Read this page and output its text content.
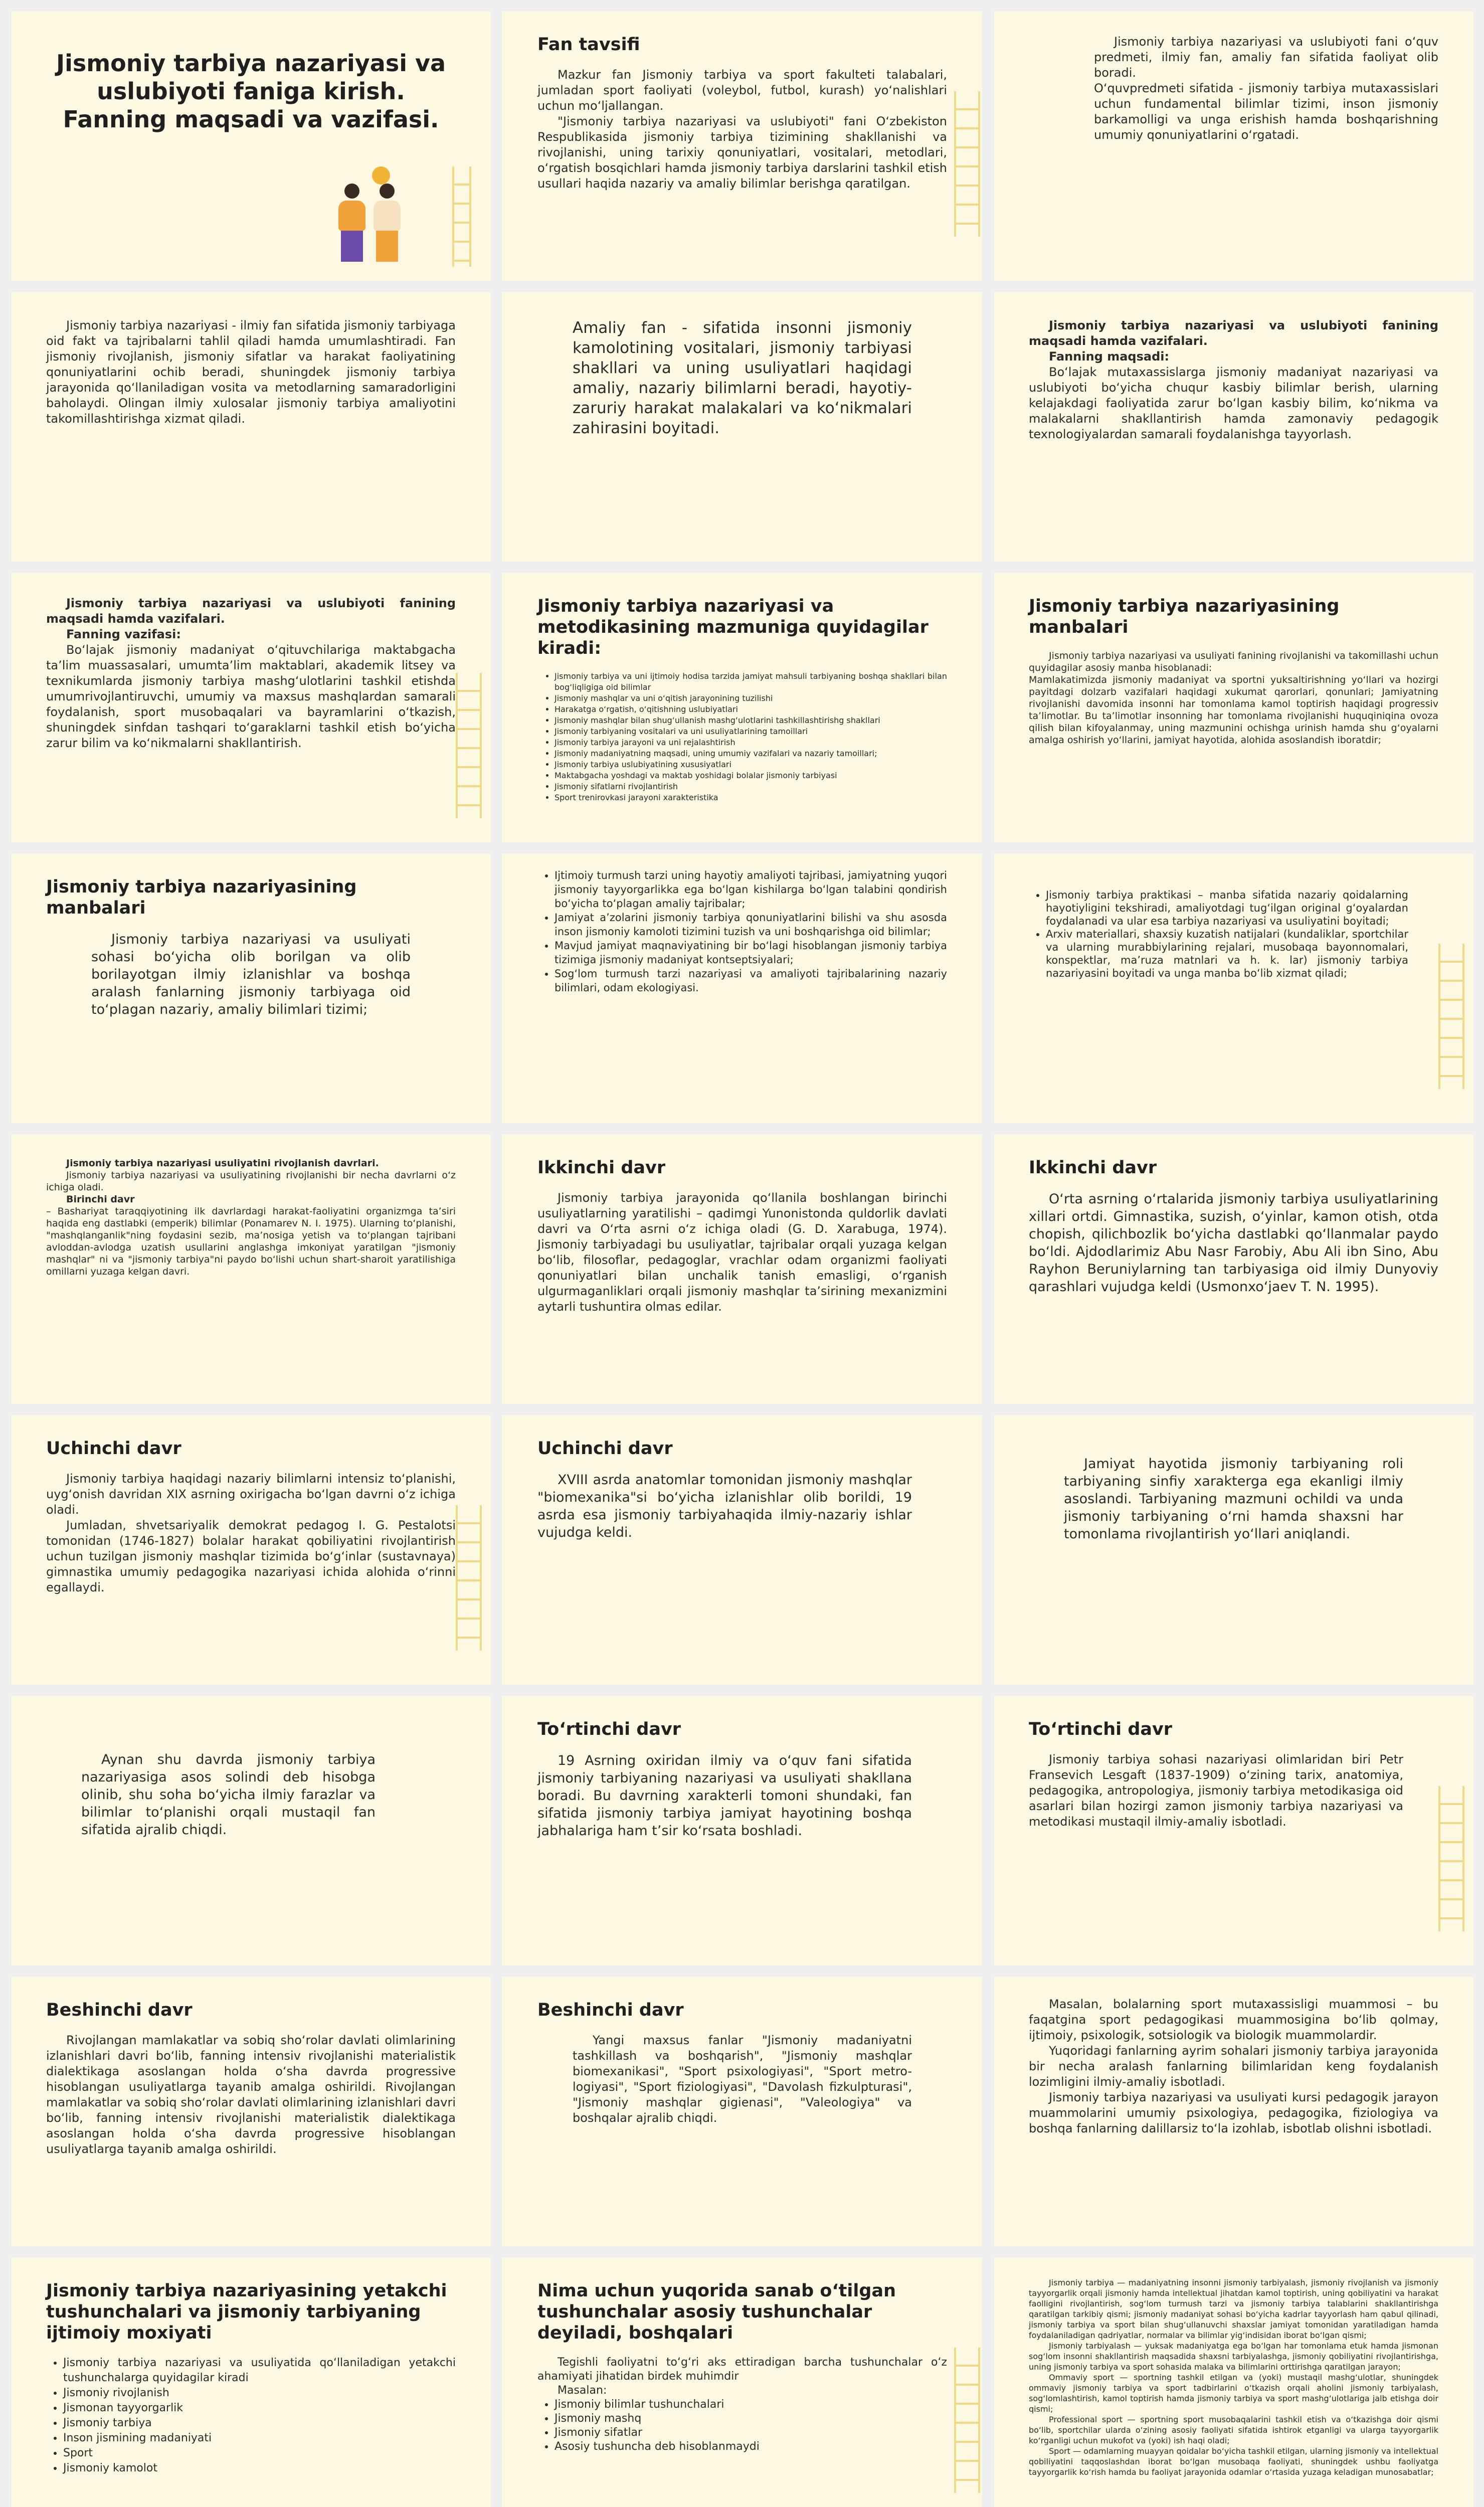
Jismoniy tarbiya nazariyasi va uslubiyoti faniga kirish. Fanning maqsadi va vazifasi.
Fan tavsifi

Mazkur fan Jismoniy tarbiya va sport fakulteti talabalari, jumladan sport faoliyati (voleybol, futbol, kurash) yo‘nalishlari uchun mo‘ljallangan.

"Jismoniy tarbiya nazariyasi va uslubiyoti" fani O‘zbekiston Respublikasida jismoniy tarbiya tizimining shakllanishi va rivojlanishi, uning tarixiy qonuniyatlari, vositalari, metodlari, o‘rgatish bosqichlari hamda jismoniy tarbiya darslarini tashkil etish usullari haqida nazariy va amaliy bilimlar berishga qaratilgan.

Jismoniy tarbiya nazariyasi va uslubiyoti fani o‘quv predmeti, ilmiy fan, amaliy fan sifatida faoliyat olib boradi.

O‘quvpredmeti sifatida - jismoniy tarbiya mutaxassislari uchun fundamental bilimlar tizimi, inson jismoniy barkamolligi va unga erishish hamda boshqarishning umumiy qonuniyatlarini o‘rgatadi.

Jismoniy tarbiya nazariyasi - ilmiy fan sifatida jismoniy tarbiyaga oid fakt va tajribalarni tahlil qiladi hamda umumlashtiradi. Fan jismoniy rivojlanish, jismoniy sifatlar va harakat faoliyatining qonuniyatlarini ochib beradi, shuningdek jismoniy tarbiya jarayonida qo‘llaniladigan vosita va metodlarning samaradorligini baholaydi. Olingan ilmiy xulosalar jismoniy tarbiya amaliyotini takomillashtirishga xizmat qiladi.

Amaliy fan - sifatida insonni jismoniy kamolotining vositalari, jismoniy tarbiyasi shakllari va uning usuliyatlari haqidagi amaliy, nazariy bilimlarni beradi, hayotiy-zaruriy harakat malakalari va ko‘nikmalari zahirasini boyitadi.

Jismoniy tarbiya nazariyasi va uslubiyoti fanining maqsadi hamda vazifalari.

Fanning maqsadi:

Bo‘lajak mutaxassislarga jismoniy madaniyat nazariyasi va uslubiyoti bo‘yicha chuqur kasbiy bilimlar berish, ularning kelajakdagi faoliyatida zarur bo‘lgan kasbiy bilim, ko‘nikma va malakalarni shakllantirish hamda zamonaviy pedagogik texnologiyalardan samarali foydalanishga tayyorlash.

Jismoniy tarbiya nazariyasi va uslubiyoti fanining maqsadi hamda vazifalari.

Fanning vazifasi:

Bo‘lajak jismoniy madaniyat o‘qituvchilariga maktabgacha ta’lim muassasalari, umumta’lim maktablari, akademik litsey va texnikumlarda jismoniy tarbiya mashg‘ulotlarini tashkil etishda umumrivojlantiruvchi, umumiy va maxsus mashqlardan samarali foydalanish, sport musobaqalari va bayramlarini o‘tkazish, shuningdek sinfdan tashqari to‘garaklarni tashkil etish bo‘yicha zarur bilim va ko‘nikmalarni shakllantirish.

Jismoniy tarbiya nazariyasi va metodikasining mazmuniga quyidagilar kiradi:
• Jismoniy tarbiya va uni ijtimoiy hodisa tarzida jamiyat mahsuli tarbiyaning boshqa shakllari bilan bog‘liqligiga oid bilimlar
• Jismoniy mashqlar va uni o‘qitish jarayonining tuzilishi
• Harakatga o‘rgatish, o‘qitishning uslubiyatlari
• Jismoniy mashqlar bilan shug‘ullanish mashg‘ulotlarini tashkillashtirishg shakllari
• Jismoniy tarbiyaning vositalari va uni usuliyatlarining tamoillari
• Jismoniy tarbiya jarayoni va uni rejalashtirish
• Jismoniy madaniyatning maqsadi, uning umumiy vazifalari va nazariy tamoillari;
• Jismoniy tarbiya uslubiyatining xususiyatlari
• Maktabgacha yoshdagi va maktab yoshidagi bolalar jismoniy tarbiyasi
• Jismoniy sifatlarni rivojlantirish
• Sport trenirovkasi jarayoni xarakteristika
Jismoniy tarbiya nazariyasining manbalari

Jismoniy tarbiya nazariyasi va usuliyati fanining rivojlanishi va takomillashi uchun quyidagilar asosiy manba hisoblanadi:

Mamlakatimizda jismoniy madaniyat va sportni yuksaltirishning yo‘llari va hozirgi payitdagi dolzarb vazifalari haqidagi xukumat qarorlari, qonunlari; Jamiyatning rivojlanishi davomida insonni har tomonlama kamol toptirish haqidagi progressiv ta’limotlar. Bu ta’limotlar insonning har tomonlama rivojlanishi huquqiniqina ovoza qilish bilan kifoyalanmay, uning mazmunini ochishga urinish hamda shu g‘oyalarni amalga oshirish yo‘llarini, jamiyat hayotida, alohida asoslandish iboratdir;

Jismoniy tarbiya nazariyasining manbalari

Jismoniy tarbiya nazariyasi va usuliyati sohasi bo‘yicha olib borilgan va olib borilayotgan ilmiy izlanishlar va boshqa aralash fanlarning jismoniy tarbiyaga oid to‘plagan nazariy, amaliy bilimlari tizimi;

• Ijtimoiy turmush tarzi uning hayotiy amaliyoti tajribasi, jamiyatning yuqori jismoniy tayyorgarlikka ega bo‘lgan kishilarga bo‘lgan talabini qondirish bo‘yicha to‘plagan amaliy tajribalar;
• Jamiyat a’zolarini jismoniy tarbiya qonuniyatlarini bilishi va shu asosda inson jismoniy kamoloti tizimini tuzish va uni boshqarishga oid bilimlar;
• Mavjud jamiyat maqnaviyatining bir bo‘lagi hisoblangan jismoniy tarbiya tizimiga jismoniy madaniyat kontseptsiyalari;
• Sog‘lom turmush tarzi nazariyasi va amaliyoti tajribalarining nazariy bilimlari, odam ekologiyasi.
• Jismoniy tarbiya praktikasi – manba sifatida nazariy qoidalarning hayotiyligini tekshiradi, amaliyotdagi tug‘ilgan original g‘oyalardan foydalanadi va ular esa tarbiya nazariyasi va usuliyatini boyitadi;
• Arxiv materiallari, shaxsiy kuzatish natijalari (kundaliklar, sportchilar va ularning murabbiylarining rejalari, musobaqa bayonnomalari, konspektlar, ma’ruza matnlari va h. k. lar) jismoniy tarbiya nazariyasini boyitadi va unga manba bo‘lib xizmat qiladi;

Jismoniy tarbiya nazariyasi usuliyatini rivojlanish davrlari.

Jismoniy tarbiya nazariyasi va usuliyatining rivojlanishi bir necha davrlarni o‘z ichiga oladi.

Birinchi davr

– Bashariyat taraqqiyotining ilk davrlardagi harakat-faoliyatini organizmga ta’siri haqida eng dastlabki (emperik) bilimlar (Ponamarev N. I. 1975). Ularning to‘planishi, "mashqlanganlik"ning foydasini sezib, ma’nosiga yetish va to‘plangan tajribani avloddan-avlodga uzatish usullarini anglashga imkoniyat yaratilgan "jismoniy mashqlar" ni va "jismoniy tarbiya"ni paydo bo‘lishi uchun shart-sharoit yaratilishiga omillarni yuzaga kelgan davri.

Ikkinchi davr

Jismoniy tarbiya jarayonida qo‘llanila boshlangan birinchi usuliyatlarning yaratilishi – qadimgi Yunonistonda quldorlik davlati davri va O‘rta asrni o‘z ichiga oladi (G. D. Xarabuga, 1974). Jismoniy tarbiyadagi bu usuliyatlar, tajribalar orqali yuzaga kelgan bo‘lib, filosoflar, pedagoglar, vrachlar odam organizmi faoliyati qonuniyatlari bilan unchalik tanish emasligi, o‘rganish ulgurmaganliklari orqali jismoniy mashqlar ta’sirining mexanizmini aytarli tushuntira olmas edilar.

Ikkinchi davr

O‘rta asrning o‘rtalarida jismoniy tarbiya usuliyatlarining xillari ortdi. Gimnastika, suzish, o‘yinlar, kamon otish, otda chopish, qilichbozlik bo‘yicha dastlabki qo‘llanmalar paydo bo‘ldi. Ajdodlarimiz Abu Nasr Farobiy, Abu Ali ibn Sino, Abu Rayhon Beruniylarning tan tarbiyasiga oid ilmiy Dunyoviy qarashlari vujudga keldi (Usmonxo‘jaev T. N. 1995).

Uchinchi davr

Jismoniy tarbiya haqidagi nazariy bilimlarni intensiz to‘planishi, uyg‘onish davridan XIX asrning oxirigacha bo‘lgan davrni o‘z ichiga oladi.

Jumladan, shvetsariyalik demokrat pedagog I. G. Pestalotsi tomonidan (1746-1827) bolalar harakat qobiliyatini rivojlantirish uchun tuzilgan jismoniy mashqlar tizimida bo‘g‘inlar (sustavnaya) gimnastika umumiy pedagogika nazariyasi ichida alohida o‘rinni egallaydi.

Uchinchi davr

XVIII asrda anatomlar tomonidan jismoniy mashqlar "biomexanika"si bo‘yicha izlanishlar olib borildi, 19 asrda esa jismoniy tarbiyahaqida ilmiy-nazariy ishlar vujudga keldi.

Jamiyat hayotida jismoniy tarbiyaning roli tarbiyaning sinfiy xarakterga ega ekanligi ilmiy asoslandi. Tarbiyaning mazmuni ochildi va unda jismoniy tarbiyaning o‘rni hamda shaxsni har tomonlama rivojlantirish yo‘llari aniqlandi.

Aynan shu davrda jismoniy tarbiya nazariyasiga asos solindi deb hisobga olinib, shu soha bo‘yicha ilmiy farazlar va bilimlar to‘planishi orqali mustaqil fan sifatida ajralib chiqdi.

To‘rtinchi davr

19 Asrning oxiridan ilmiy va o‘quv fani sifatida jismoniy tarbiyaning nazariyasi va usuliyati shakllana boradi. Bu davrning xarakterli tomoni shundaki, fan sifatida jismoniy tarbiya jamiyat hayotining boshqa jabhalariga ham t’sir ko‘rsata boshladi.

To‘rtinchi davr

Jismoniy tarbiya sohasi nazariyasi olimlaridan biri Petr Fransevich Lesgaft (1837-1909) o‘zining tarix, anatomiya, pedagogika, antropologiya, jismoniy tarbiya metodikasiga oid asarlari bilan hozirgi zamon jismoniy tarbiya nazariyasi va metodikasi mustaqil ilmiy-amaliy isbotladi.

Beshinchi davr

Rivojlangan mamlakatlar va sobiq sho‘rolar davlati olimlarining izlanishlari davri bo‘lib, fanning intensiv rivojlanishi materialistik dialektikaga asoslangan holda o‘sha davrda progressive hisoblangan usuliyatlarga tayanib amalga oshirildi. Rivojlangan mamlakatlar va sobiq sho‘rolar davlati olimlarining izlanishlari davri bo‘lib, fanning intensiv rivojlanishi materialistik dialektikaga asoslangan holda o‘sha davrda progressive hisoblangan usuliyatlarga tayanib amalga oshirildi.

Beshinchi davr

Yangi maxsus fanlar "Jismoniy madaniyatni tashkillash va boshqarish", "Jismoniy mashqlar biomexanikasi", "Sport psixologiyasi", "Sport metro-logiyasi", "Sport fiziologiyasi", "Davolash fizkulpturasi", "Jismoniy mashqlar gigienasi", "Valeologiya" va boshqalar ajralib chiqdi.

Masalan, bolalarning sport mutaxassisligi muammosi – bu faqatgina sport pedagogikasi muammosigina bo‘lib qolmay, ijtimoiy, psixologik, sotsiologik va biologik muammolardir.

Yuqoridagi fanlarning ayrim sohalari jismoniy tarbiya jarayonida bir necha aralash fanlarning bilimlaridan keng foydalanish lozimligini ilmiy-amaliy isbotladi.

Jismoniy tarbiya nazariyasi va usuliyati kursi pedagogik jarayon muammolarini umumiy psixologiya, pedagogika, fiziologiya va boshqa fanlarning dalillarsiz to‘la izohlab, isbotlab olishni isbotladi.

Jismoniy tarbiya nazariyasining yetakchi tushunchalari va jismoniy tarbiyaning ijtimoiy moxiyati
• Jismoniy tarbiya nazariyasi va usuliyatida qo‘llaniladigan yetakchi tushunchalarga quyidagilar kiradi
• Jismoniy rivojlanish
• Jismonan tayyorgarlik
• Jismoniy tarbiya
• Inson jismining madaniyati
• Sport
• Jismoniy kamolot
Nima uchun yuqorida sanab o‘tilgan tushunchalar asosiy tushunchalar deyiladi, boshqalari

Tegishli faoliyatni to‘g‘ri aks ettiradigan barcha tushunchalar o‘z ahamiyati jihatidan birdek muhimdir

Masalan:

• Jismoniy bilimlar tushunchalari
• Jismoniy mashq
• Jismoniy sifatlar
• Asosiy tushuncha deb hisoblanmaydi

Jismoniy tarbiya — madaniyatning insonni jismoniy tarbiyalash, jismoniy rivojlanish va jismoniy tayyorgarlik orqali jismoniy hamda intellektual jihatdan kamol toptirish, uning qobiliyatini va harakat faolligini rivojlantirish, sog‘lom turmush tarzi va jismoniy tarbiya talablarini shakllantirishga qaratilgan tarkibiy qismi; jismoniy madaniyat sohasi bo‘yicha kadrlar tayyorlash ham qabul qilinadi, jismoniy tarbiya va sport bilan shug‘ullanuvchi shaxslar jamiyat tomonidan yaratiladigan hamda foydalaniladigan qadriyatlar, normalar va bilimlar yig‘indisidan iborat bo‘lgan qismi;

Jismoniy tarbiyalash — yuksak madaniyatga ega bo‘lgan har tomonlama etuk hamda jismonan sog‘lom insonni shakllantirish maqsadida shaxsni tarbiyalashga, jismoniy qobiliyatini rivojlantirishga, uning jismoniy tarbiya va sport sohasida malaka va bilimlarini orttirishga qaratilgan jarayon;

Ommaviy sport — sportning tashkil etilgan va (yoki) mustaqil mashg‘ulotlar, shuningdek ommaviy jismoniy tarbiya va sport tadbirlarini o‘tkazish orqali aholini jismoniy tarbiyalash, sog‘lomlashtirish, kamol toptirish hamda jismoniy tarbiya va sport mashg‘ulotlariga jalb etishga doir qismi;

Professional sport — sportning sport musobaqalarini tashkil etish va o‘tkazishga doir qismi bo‘lib, sportchilar ularda o‘zining asosiy faoliyati sifatida ishtirok etganligi va ularga tayyorgarlik ko‘rganligi uchun mukofot va (yoki) ish haqi oladi;

Sport — odamlarning muayyan qoidalar bo‘yicha tashkil etilgan, ularning jismoniy va intellektual qobiliyatini taqqoslashdan iborat bo‘lgan musobaqa faoliyati, shuningdek ushbu faoliyatga tayyorgarlik ko‘rish hamda bu faoliyat jarayonida odamlar o‘rtasida yuzaga keladigan munosabatlar;
